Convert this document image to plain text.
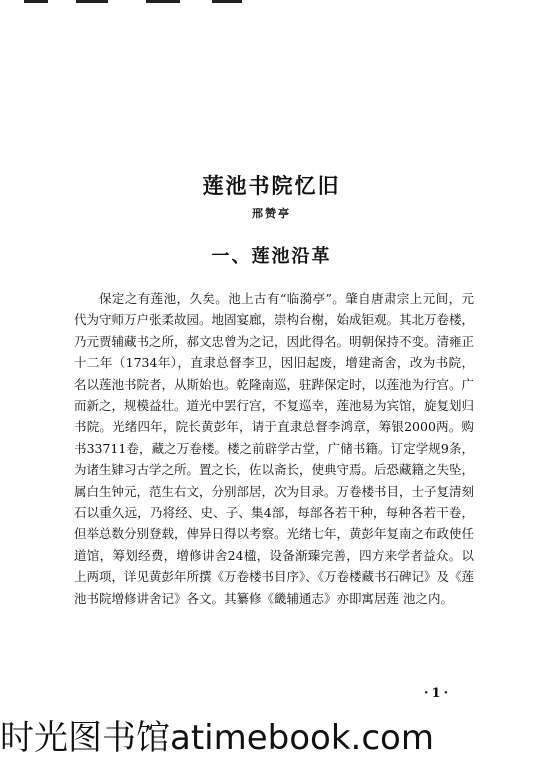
莲池书院忆旧
邢赞亭
一、莲池沿革
保定之有莲池，久矣。池上古有“临漪亭”。肇自唐肃宗上元间，元代为守师万户张柔故园。地固宴廊，崇构台榭，始成钜观。其北万卷楼，乃元贾辅藏书之所，郝文忠曾为之记，因此得名。明朝保持不变。清雍正十二年（1734年），直隶总督李卫，因旧起废，增建斋舍，改为书院，名以莲池书院者，从斯始也。乾隆南巡，驻跸保定时，以莲池为行宫。广而新之，规模益壮。道光中罢行宫，不复巡幸，莲池易为宾馆，旋复划归书院。光绪四年，院长黄彭年，请于直隶总督李鸿章，筹银2000两。购书33711卷，藏之万卷楼。楼之前辟学古堂，广储书籍。订定学规9条，为诸生肄习古学之所。置之长，佐以斋长，使典守焉。后恐藏籍之失坠，属白生钟元，范生右文，分别部居，次为目录。万卷楼书目，士子复清刻石以重久远，乃将经、史、子、集4部，每部各若干种，每种各若干卷，但举总数分别登载，俾异日得以考察。光绪七年，黄彭年复南之布政使任道馆，筹划经费，增修讲舍24楹，设备渐臻完善，四方来学者益众。以上两项，详见黄彭年所撰《万卷楼书目序》、《万卷楼藏书石碑记》及《莲池书院增修讲舍记》各文。其纂修《畿辅通志》亦即寓居莲 池之内。
·1·
时光图书馆atimebook.com
